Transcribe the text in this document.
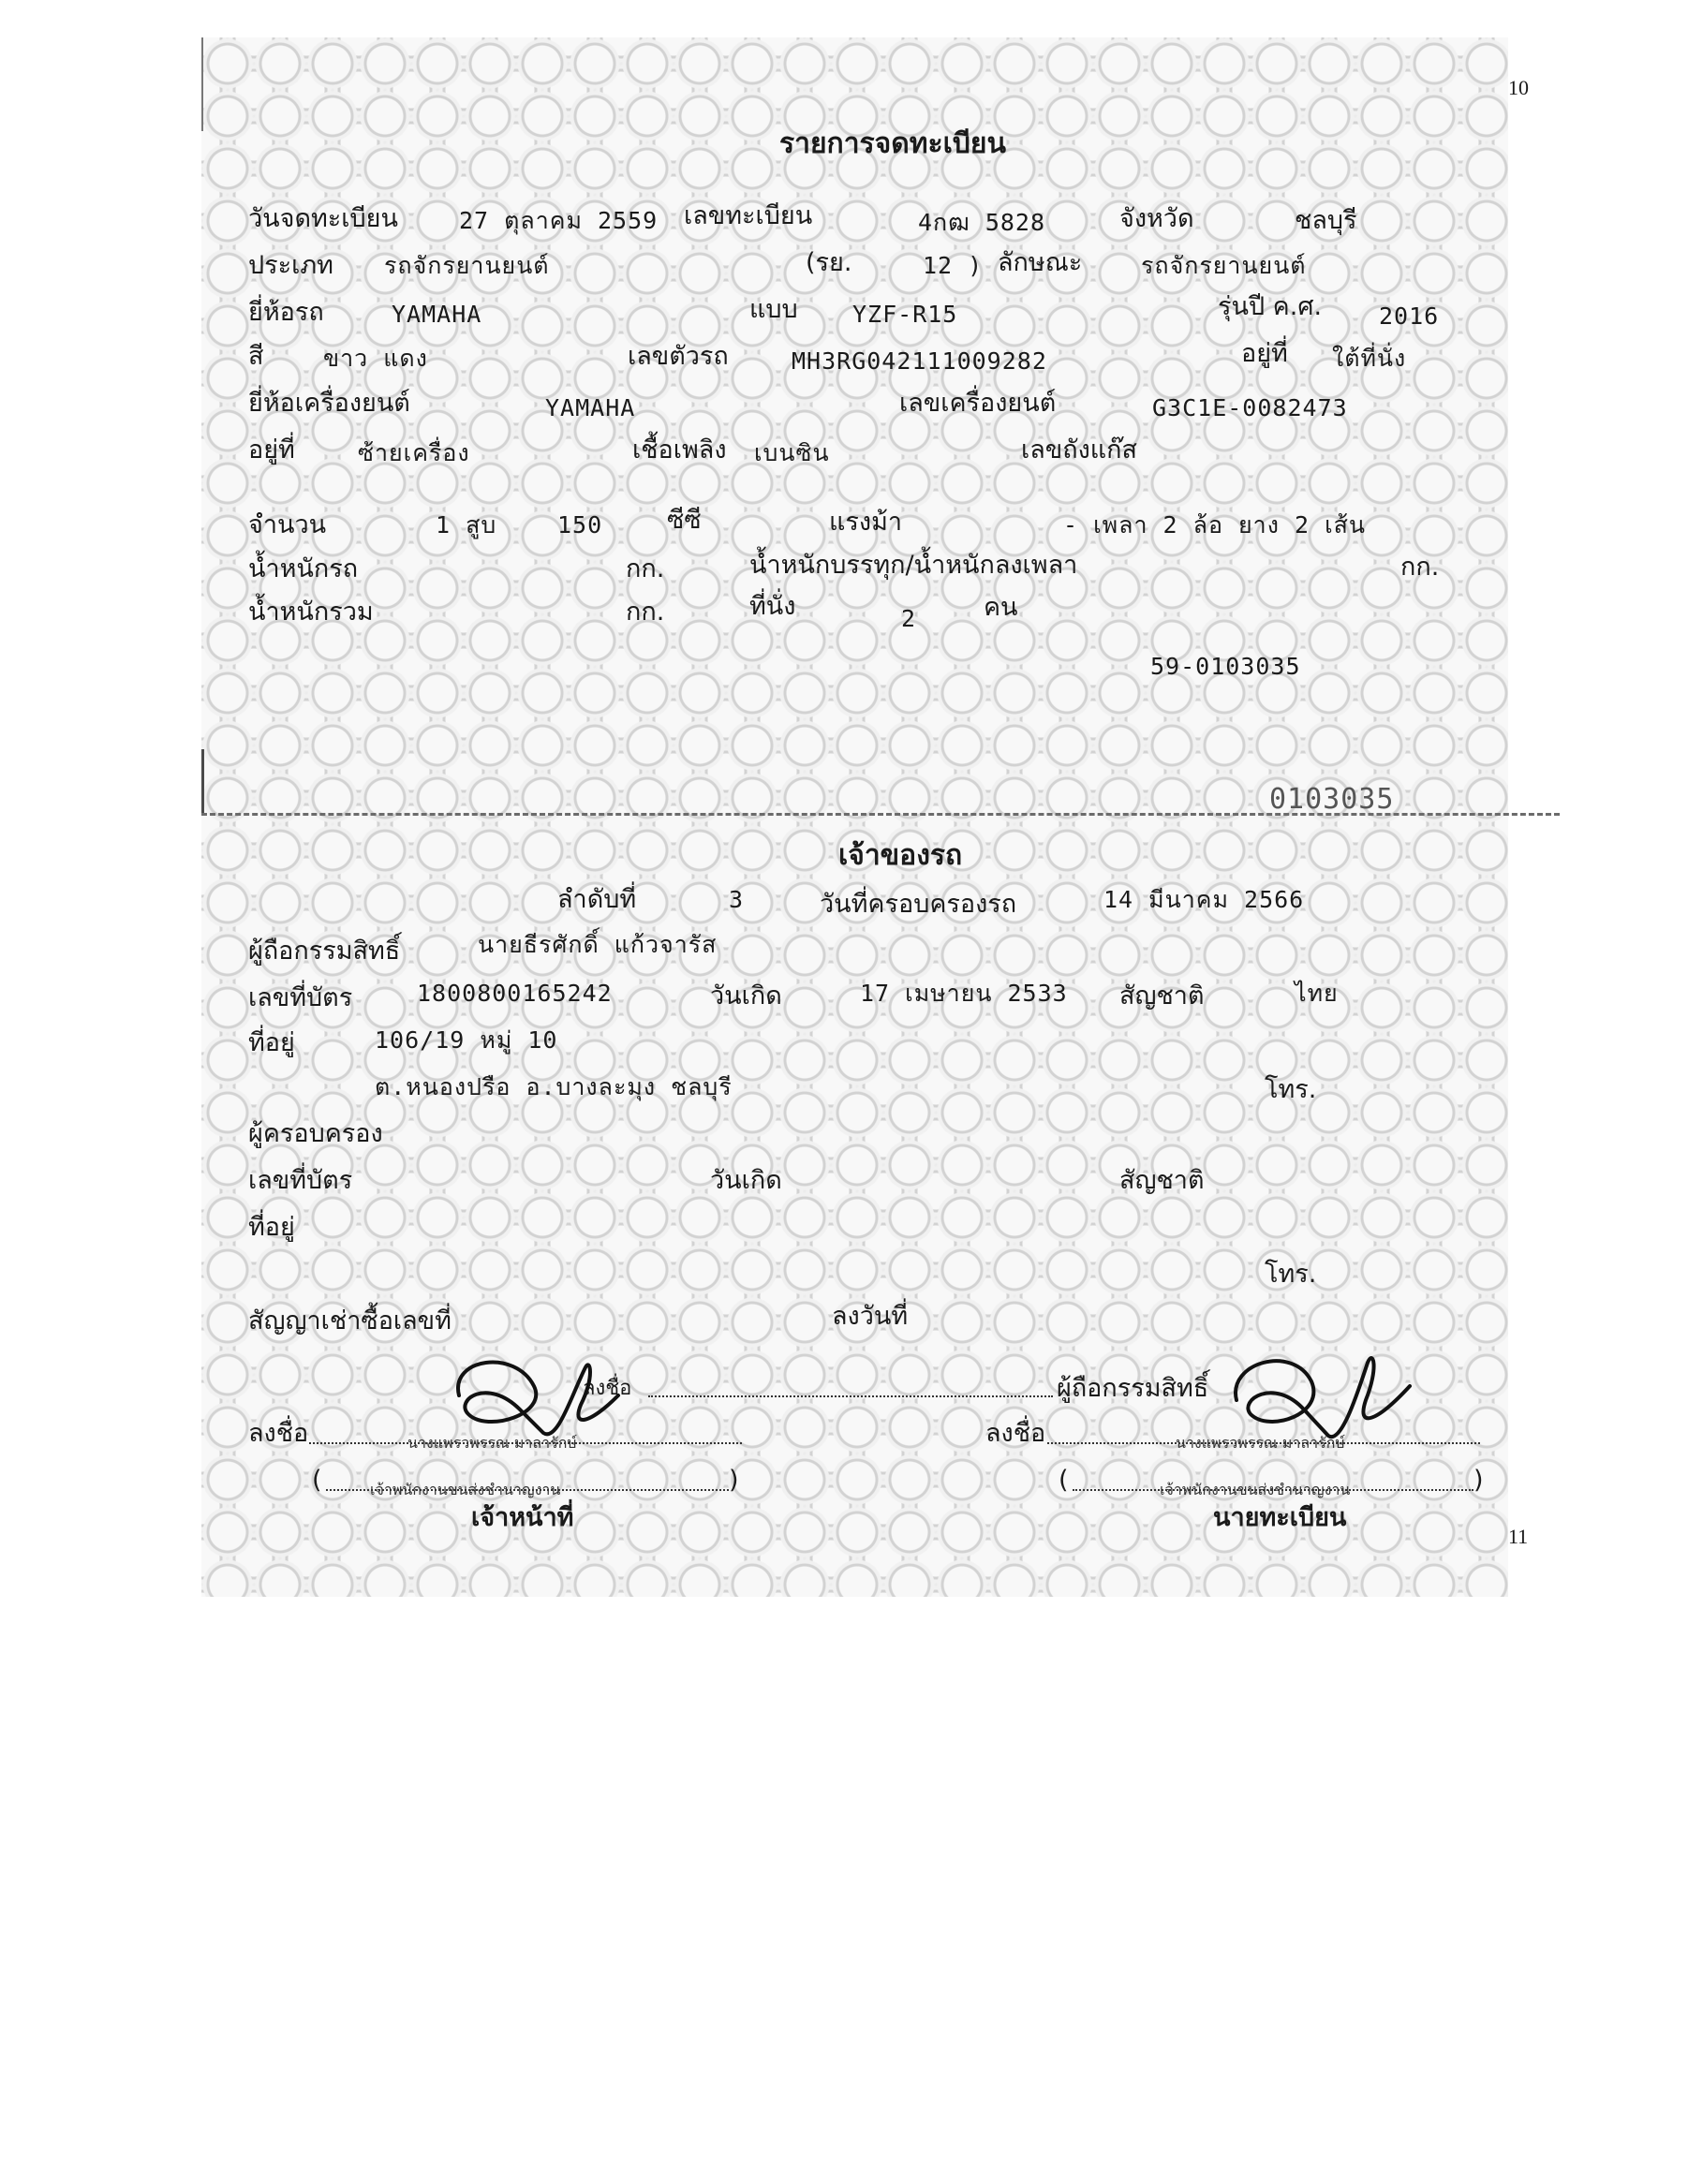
0103035
10
11
รายการจดทะเบียน
วันจดทะเบียน	27 ตุลาคม 2559 เลขทะเบียน	4กฒ 5828	จังหวัด	ชลบุรี
ประเภท รถจักรยานยนต์	(รย.	12 ) ลักษณะ	รถจักรยานยนต์
ยี่ห้อรถ	YAMAHA	แบบ YZF-R15	รุ่นปี ค.ศ. 2016
สี	ขาว แดง	เลขตัวรถ	MH3RG042111009282	อยู่ที่ ใต้ที่นั่ง
ยี่ห้อเครื่องยนต์	YAMAHA	เลขเครื่องยนต์	G3C1E-0082473
อยู่ที่	ซ้ายเครื่อง	เชื้อเพลิง เบนซิน	เลขถังแก๊ส
จำนวน	1 สูบ	150	ซีซี	แรงม้า	- เพลา 2 ล้อ ยาง 2 เส้น
น้ำหนักรถ	กก.	น้ำหนักบรรทุก/น้ำหนักลงเพลา	กก.
น้ำหนักรวม	กก.	ที่นั่ง	2	คน
59-0103035
เจ้าของรถ
ลำดับที่	3	วันที่ครอบครองรถ	14 มีนาคม 2566
ผู้ถือกรรมสิทธิ์	นายธีรศักดิ์ แก้วจารัส
เลขที่บัตร	1800800165242	วันเกิด	17 เมษายน 2533 สัญชาติ	ไทย
ที่อยู่	106/19 หมู่ 10
ต.หนองปรือ อ.บางละมุง ชลบุรี	โทร.
ผู้ครอบครอง
เลขที่บัตร	วันเกิด	สัญชาติ
ที่อยู่
โทร.
สัญญาเช่าซื้อเลขที่	ลงวันที่
ลงชื่อ	ผู้ถือกรรมสิทธิ์
ลงชื่อ	นางแพรวพรรณ มาลารักษ์
(	เจ้าพนักงานขนส่งชำนาญงาน	)
เจ้าหน้าที่
ลงชื่อ	นางแพรวพรรณ มาลารักษ์
(	เจ้าพนักงานขนส่งชำนาญงาน	)
นายทะเบียน
